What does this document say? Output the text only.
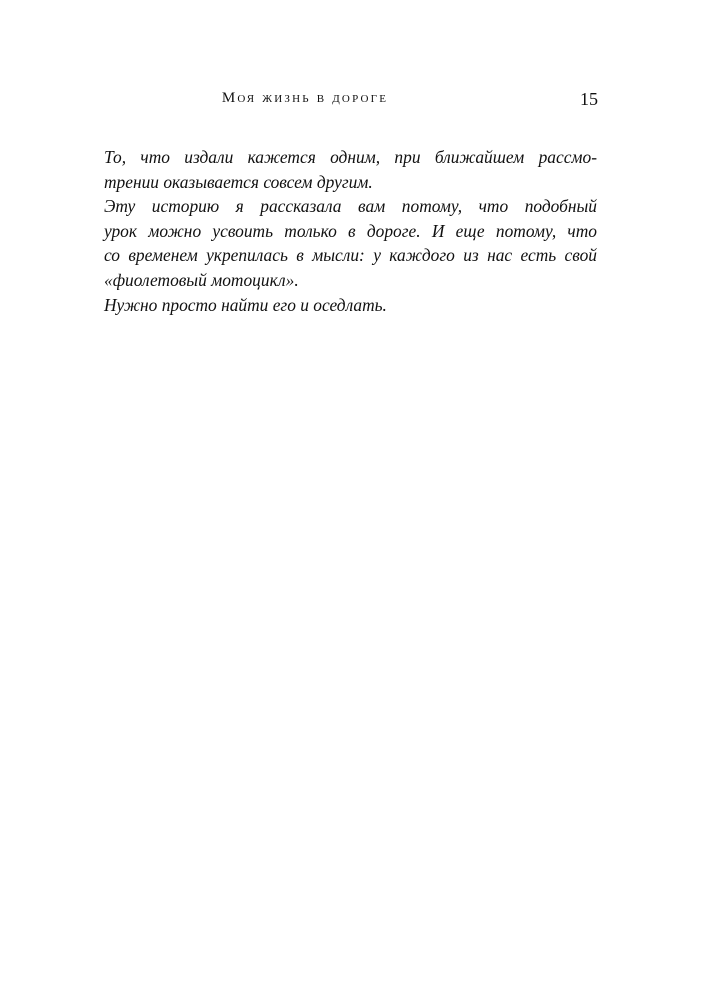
Моя жизнь в дороге	15
То, что издали кажется одним, при ближайшем рассмо-
трении оказывается совсем другим.
Эту историю я рассказала вам потому, что подобный
урок можно усвоить только в дороге. И еще потому, что
со временем укрепилась в мысли: у каждого из нас есть свой
«фиолетовый мотоцикл».
Нужно просто найти его и оседлать.
